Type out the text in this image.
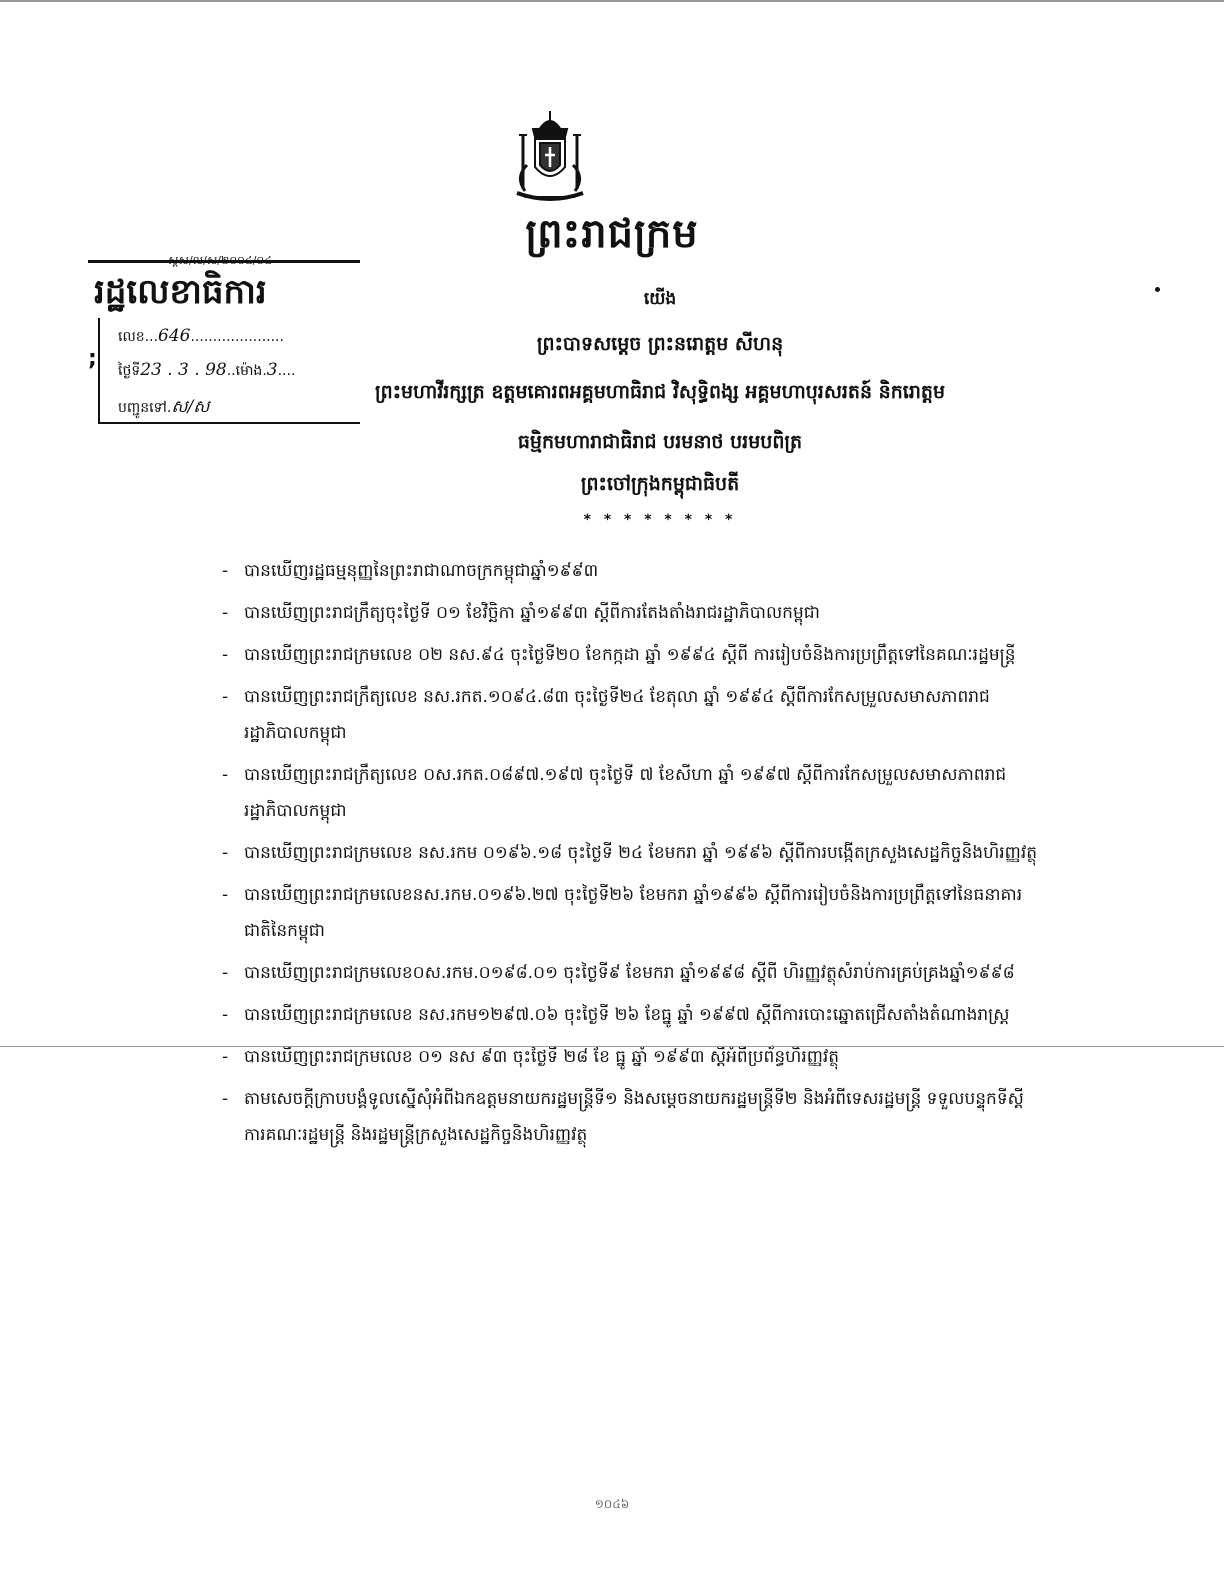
ព្រះរាជក្រម
យើង
ព្រះបាទសម្តេច ព្រះនរោត្តម សីហនុ
ព្រះមហាវីរក្សត្រ ឧត្តមគោរពអគ្គមហាធិរាជ វិសុទ្ធិពង្ស អគ្គមហាបុរសរតន៍ និករោត្តម
ធម្មិកមហារាជាធិរាជ បរមនាថ បរមបពិត្រ
ព្រះចៅក្រុងកម្ពុជាធិបតី
* * * * * * * *
ស្ដស/ល/ស/២០០៤/០៤
រដ្ឋលេខាធិការ
;
លេខ...646.....................
ថ្ងៃទី23 . 3 . 98..ម៉ោង.3....
បញ្ជូនទៅ.ស/ស
- បានឃើញរដ្ឋធម្មនុញ្ញនៃព្រះរាជាណាចក្រកម្ពុជាឆ្នាំ១៩៩៣
- បានឃើញព្រះរាជក្រឹត្យចុះថ្ងៃទី ០១ ខែវិច្ឆិកា ឆ្នាំ១៩៩៣ ស្តីពីការតែងតាំងរាជរដ្ឋាភិបាលកម្ពុជា
- បានឃើញព្រះរាជក្រមលេខ ០២ នស.៩៤ ចុះថ្ងៃទី២០ ខែកក្កដា ឆ្នាំ ១៩៩៤ ស្តីពី ការរៀបចំនិងការប្រព្រឹត្តទៅនៃគណៈរដ្ឋមន្ត្រី
- បានឃើញព្រះរាជក្រឹត្យលេខ នស.រកត.១០៩៤.៨៣ ចុះថ្ងៃទី២៤ ខែតុលា ឆ្នាំ ១៩៩៤ ស្តីពីការកែសម្រួលសមាសភាពរាជរដ្ឋាភិបាលកម្ពុជា
- បានឃើញព្រះរាជក្រឹត្យលេខ ០ស.រកត.០៨៩៧.១៩៧ ចុះថ្ងៃទី ៧ ខែសីហា ឆ្នាំ ១៩៩៧ ស្តីពីការកែសម្រួលសមាសភាពរាជរដ្ឋាភិបាលកម្ពុជា
- បានឃើញព្រះរាជក្រមលេខ នស.រកម ០១៩៦.១៨ ចុះថ្ងៃទី ២៤ ខែមករា ឆ្នាំ ១៩៩៦ ស្តីពីការបង្កើតក្រសួងសេដ្ឋកិច្ចនិងហិរញ្ញវត្ថុ
- បានឃើញព្រះរាជក្រមលេខនស.រកម.០១៩៦.២៧ ចុះថ្ងៃទី២៦ ខែមករា ឆ្នាំ១៩៩៦ ស្តីពីការរៀបចំនិងការប្រព្រឹត្តទៅនៃធនាគារជាតិនៃកម្ពុជា
- បានឃើញព្រះរាជក្រមលេខ០ស.រកម.០១៩៨.០១ ចុះថ្ងៃទី៩ ខែមករា ឆ្នាំ១៩៩៨ ស្តីពី ហិរញ្ញវត្ថុសំរាប់ការគ្រប់គ្រងឆ្នាំ១៩៩៨
- បានឃើញព្រះរាជក្រមលេខ នស.រកម១២៩៧.០៦ ចុះថ្ងៃទី ២៦ ខែធ្នូ ឆ្នាំ ១៩៩៧ ស្តីពីការបោះឆ្នោតជ្រើសតាំងតំណាងរាស្ត្រ
- បានឃើញព្រះរាជក្រមលេខ ០១ នស ៩៣ ចុះថ្ងៃទី ២៨ ខែ ធ្នូ ឆ្នាំ ១៩៩៣ ស្តីអំពីប្រព័ន្ធហិរញ្ញវត្ថុ
- តាមសេចក្តីក្រាបបង្គំទូលស្នើសុំអំពីឯកឧត្តមនាយករដ្ឋមន្ត្រីទី១ និងសម្តេចនាយករដ្ឋមន្ត្រីទី២ និងអំពីទេសរដ្ឋមន្ត្រី ទទួលបន្ទុកទីស្តីការគណៈរដ្ឋមន្ត្រី និងរដ្ឋមន្ត្រីក្រសួងសេដ្ឋកិច្ចនិងហិរញ្ញវត្ថុ
១០៤៦
